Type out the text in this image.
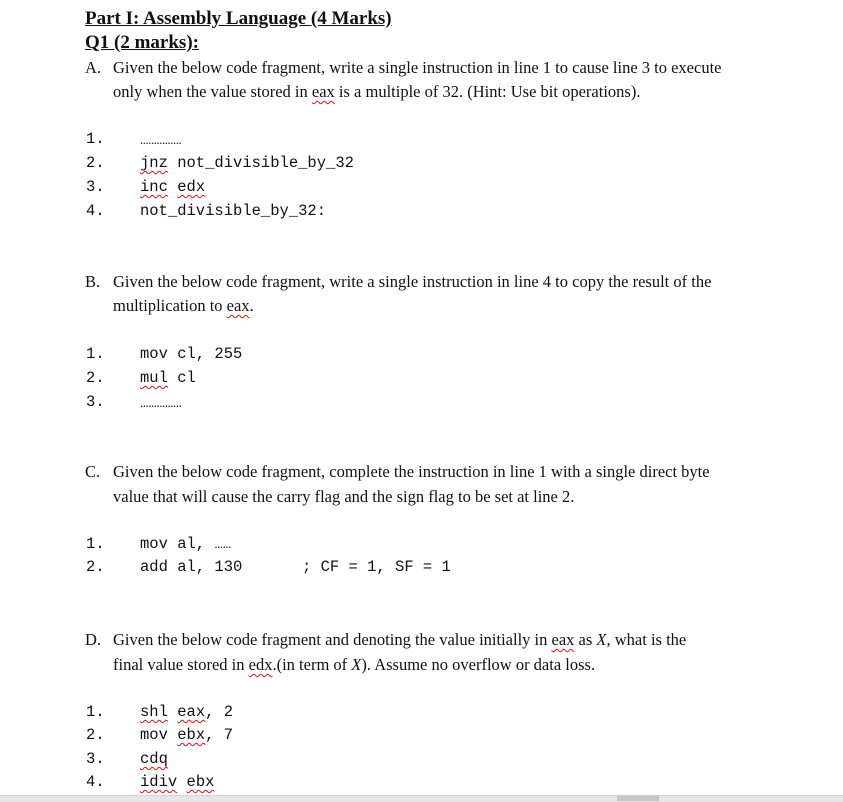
Part I: Assembly Language (4 Marks)
Q1 (2 marks):
A. Given the below code fragment, write a single instruction in line 1 to cause line 3 to execute
only when the value stored in eax is a multiple of 32. (Hint: Use bit operations).
1.	...............
2. jnz not_divisible_by_32
3. inc edx
4. not_divisible_by_32:
B. Given the below code fragment, write a single instruction in line 4 to copy the result of the
multiplication to eax.
1. mov cl, 255
2. mul cl
3.	...............
C. Given the below code fragment, complete the instruction in line 1 with a single direct byte
value that will cause the carry flag and the sign flag to be set at line 2.
1. mov al, ......
2. add al, 130	; CF = 1, SF = 1
D. Given the below code fragment and denoting the value initially in eax as X, what is the
final value stored in edx.(in term of X). Assume no overflow or data loss.
1. shl eax, 2
2. mov ebx, 7
3. cdq
4. idiv ebx
